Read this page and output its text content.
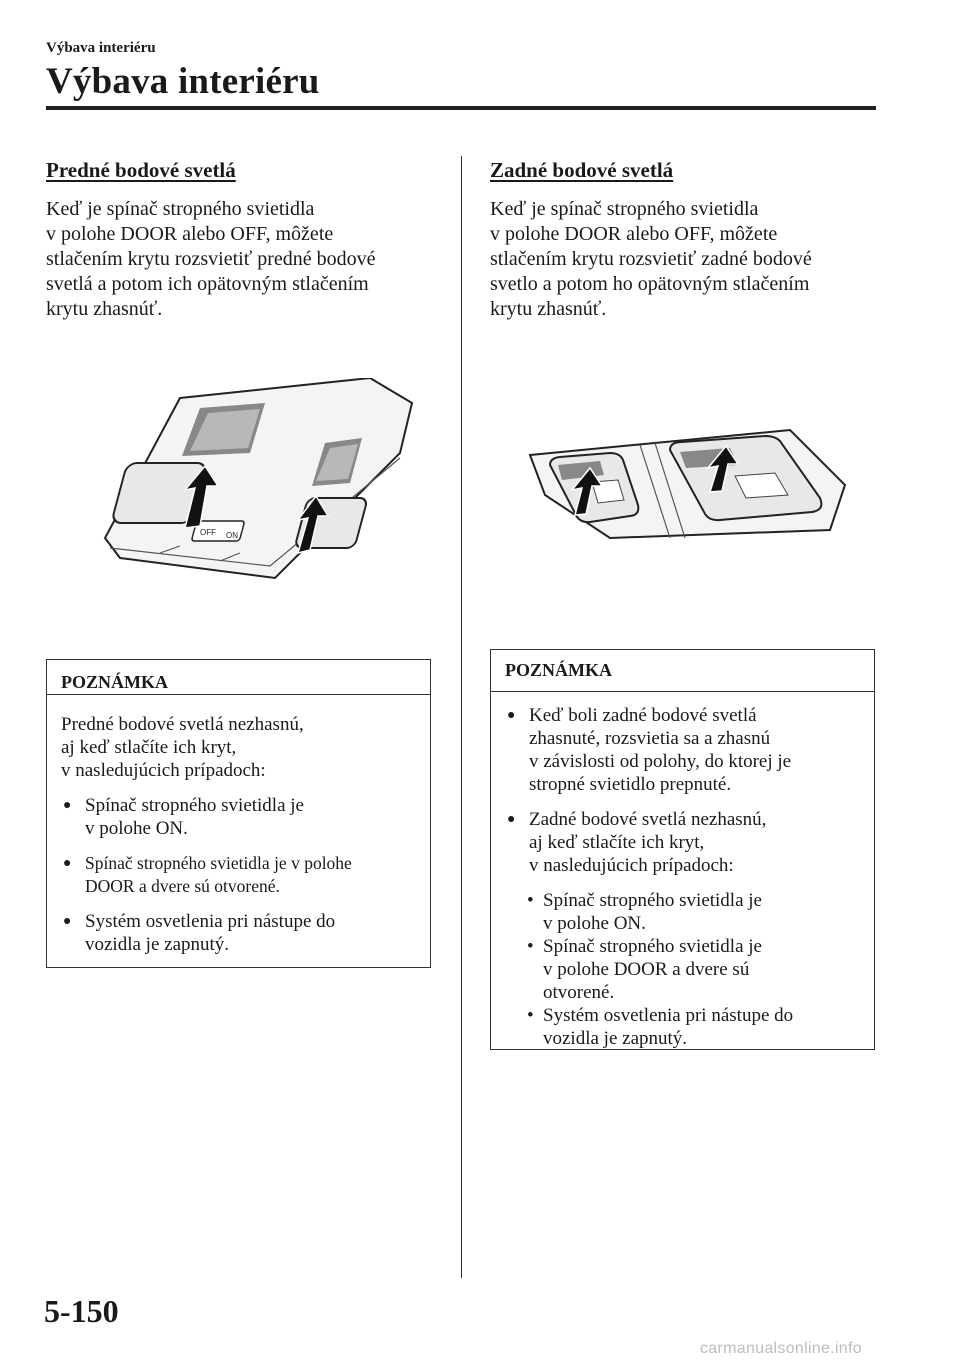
Výbava interiéru
Výbava interiéru
Predné bodové svetlá
Keď je spínač stropného svietidla
v polohe DOOR alebo OFF, môžete
stlačením krytu rozsvietiť predné bodové
svetlá a potom ich opätovným stlačením
krytu zhasnúť.
OFF ON
POZNÁMKA
Predné bodové svetlá nezhasnú,
aj keď stlačíte ich kryt,
v nasledujúcich prípadoch:
● Spínač stropného svietidla je
v polohe ON.
● Spínač stropného svietidla je v polohe
DOOR a dvere sú otvorené.
● Systém osvetlenia pri nástupe do
vozidla je zapnutý.
Zadné bodové svetlá
Keď je spínač stropného svietidla
v polohe DOOR alebo OFF, môžete
stlačením krytu rozsvietiť zadné bodové
svetlo a potom ho opätovným stlačením
krytu zhasnúť.
POZNÁMKA
● Keď boli zadné bodové svetlá
zhasnuté, rozsvietia sa a zhasnú
v závislosti od polohy, do ktorej je
stropné svietidlo prepnuté.
● Zadné bodové svetlá nezhasnú,
aj keď stlačíte ich kryt,
v nasledujúcich prípadoch:
• Spínač stropného svietidla je
v polohe ON.
• Spínač stropného svietidla je
v polohe DOOR a dvere sú
otvorené.
• Systém osvetlenia pri nástupe do
vozidla je zapnutý.
5-150
carmanualsonline.info
